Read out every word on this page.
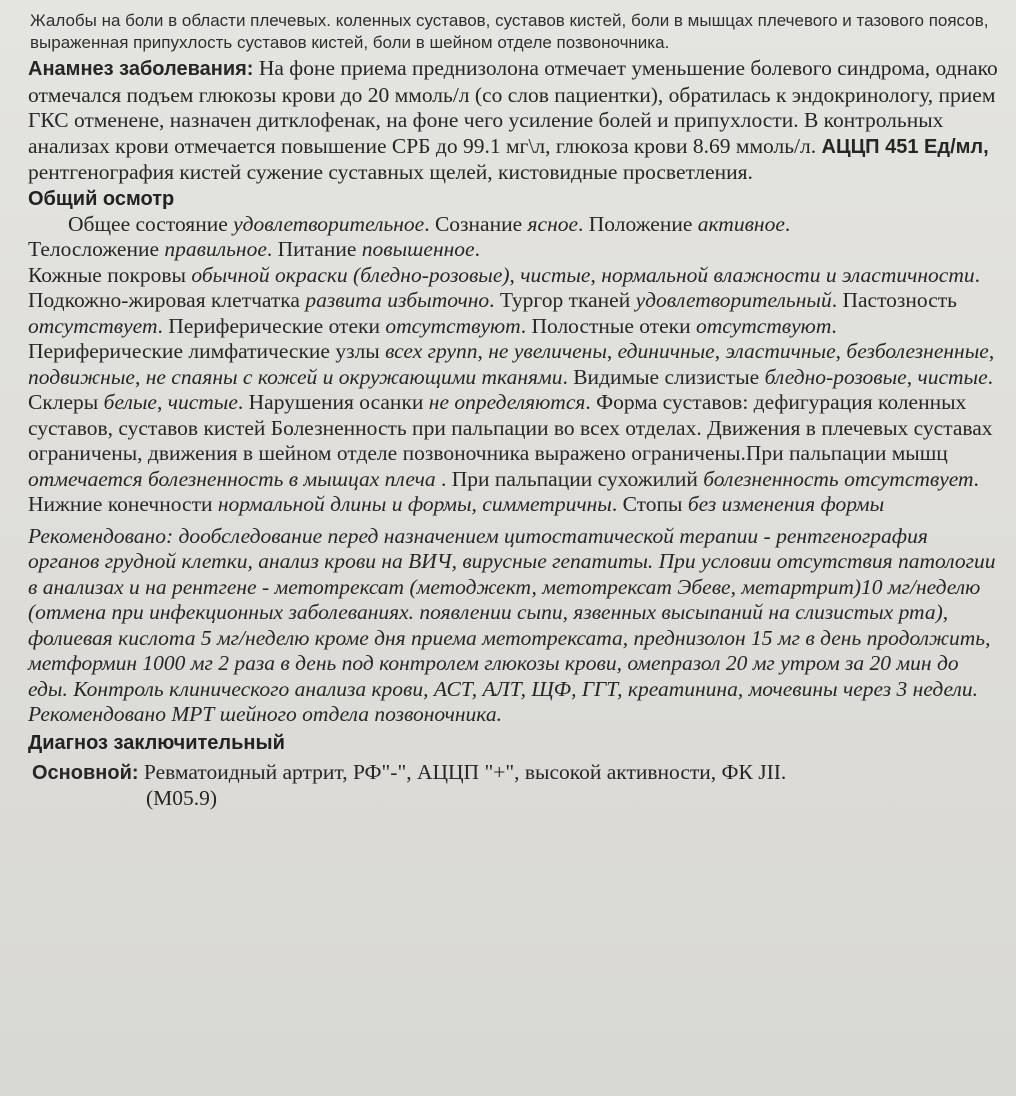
Жалобы на боли в области плечевых. коленных суставов, суставов кистей, боли в мышцах плечевого и тазового поясов, выраженная припухлость суставов кистей, боли в шейном отделе позвоночника.

Анамнез заболевания: На фоне приема преднизолона отмечает уменьшение болевого синдрома, однако отмечался подъем глюкозы крови до 20 ммоль/л (со слов пациентки), обратилась к эндокринологу, прием ГКС отменене, назначен дитклофенак, на фоне чего усиление болей и припухлости. В контрольных анализах крови отмечается повышение СРБ до 99.1 мг\л, глюкоза крови 8.69 ммоль/л. АЦЦП 451 Ед/мл, рентгенография кистей сужение суставных щелей, кистовидные просветления.

Общий осмотр

Общее состояние удовлетворительное. Сознание ясное. Положение активное.

Телосложение правильное. Питание повышенное.

Кожные покровы обычной окраски (бледно-розовые), чистые, нормальной влажности и эластичности. Подкожно-жировая клетчатка развита избыточно. Тургор тканей удовлетворительный. Пастозность отсутствует. Периферические отеки отсутствуют. Полостные отеки отсутствуют.

Периферические лимфатические узлы всех групп, не увеличены, единичные, эластичные, безболезненные, подвижные, не спаяны с кожей и окружающими тканями. Видимые слизистые бледно-розовые, чистые. Склеры белые, чистые. Нарушения осанки не определяются. Форма суставов: дефигурация коленных суставов, суставов кистей Болезненность при пальпации во всех отделах. Движения в плечевых суставах ограничены, движения в шейном отделе позвоночника выражено ограничены.При пальпации мышц отмечается болезненность в мышцах плеча . При пальпации сухожилий болезненность отсутствует.

Нижние конечности нормальной длины и формы, симметричны. Стопы без изменения формы

Рекомендовано: дообследование перед назначением цитостатической терапии - рентгенография органов грудной клетки, анализ крови на ВИЧ, вирусные гепатиты. При условии отсутствия патологии в анализах и на рентгене - метотрексат (методжект, метотрексат Эбеве, метартрит)10 мг/неделю (отмена при инфекционных заболеваниях. появлении сыпи, язвенных высыпаний на слизистых рта), фолиевая кислота 5 мг/неделю кроме дня приема метотрексата, преднизолон 15 мг в день продолжить, метформин 1000 мг 2 раза в день под контролем глюкозы крови, омепразол 20 мг утром за 20 мин до еды. Контроль клинического анализа крови, АСТ, АЛТ, ЩФ, ГГТ, креатинина, мочевины через 3 недели.

Рекомендовано МРТ шейного отдела позвоночника.

Диагноз заключительный

Основной: Ревматоидный артрит, РФ"-", АЦЦП "+", высокой активности, ФК ЈІІ.

(М05.9)
